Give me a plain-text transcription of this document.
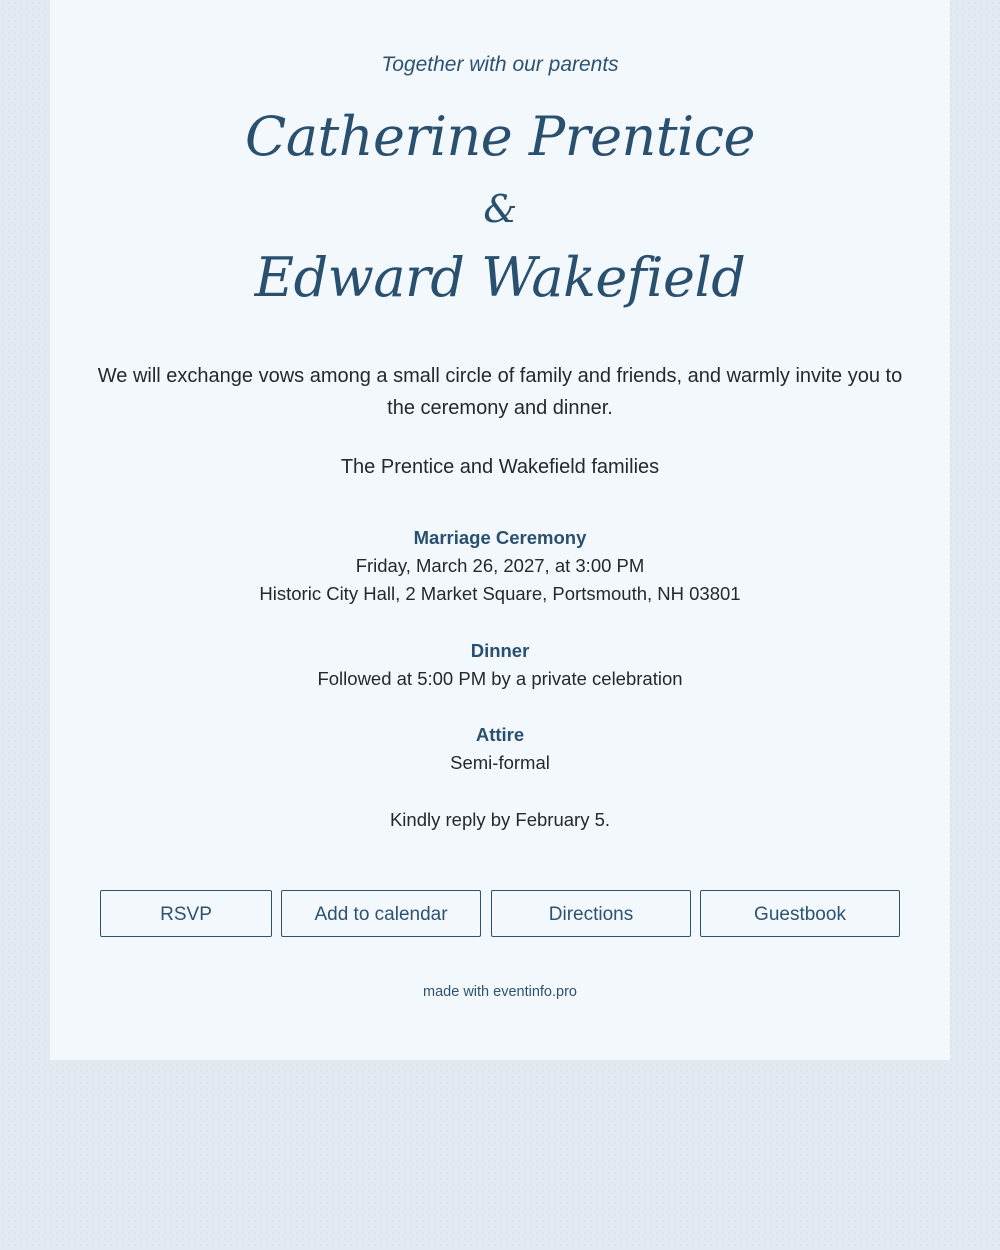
Together with our parents

Catherine Prentice
&
Edward Wakefield

We will exchange vows among a small circle of family and friends, and warmly invite you to the ceremony and dinner.

The Prentice and Wakefield families

Marriage Ceremony
Friday, March 26, 2027, at 3:00 PM
Historic City Hall, 2 Market Square, Portsmouth, NH 03801
Dinner
Followed at 5:00 PM by a private celebration
Attire
Semi-formal

Kindly reply by February 5.

RSVP	Add to calendar	Directions	Guestbook
made with eventinfo.pro
